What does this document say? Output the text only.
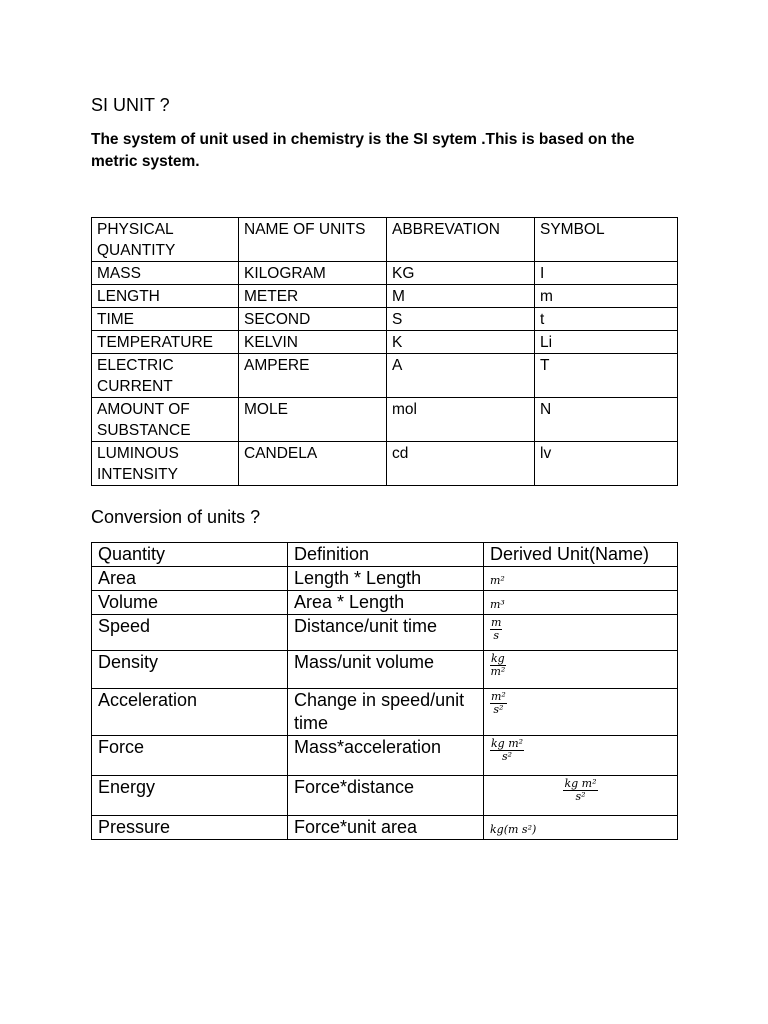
SI UNIT ?
The system of unit used in chemistry is the SI sytem .This is based on the metric system.
PHYSICAL QUANTITY	NAME OF UNITS	ABBREVATION	SYMBOL
MASS	KILOGRAM	KG	I
LENGTH	METER	M	m
TIME	SECOND	S	t
TEMPERATURE	KELVIN	K	Li
ELECTRIC CURRENT	AMPERE	A	T
AMOUNT OF SUBSTANCE	MOLE	mol	N
LUMINOUS INTENSITY	CANDELA	cd	lv
Conversion of units ?
Quantity	Definition	Derived Unit(Name)
Area	Length * Length	m²
Volume	Area * Length	m³
Speed	Distance/unit time	$\frac{m}{s}$

Density	Mass/unit volume	$\frac{kg}{\text{m²}}$

Acceleration	Change in speed/unit time	$\frac{\text{m²}}{\text{s²}}$

Force	Mass*acceleration	$\frac{\text{kg m²}}{\text{s²}}$

Energy	Force*distance	$\frac{\text{kg m²}}{\text{s²}}$

Pressure	Force*unit area	kg(m s²)
